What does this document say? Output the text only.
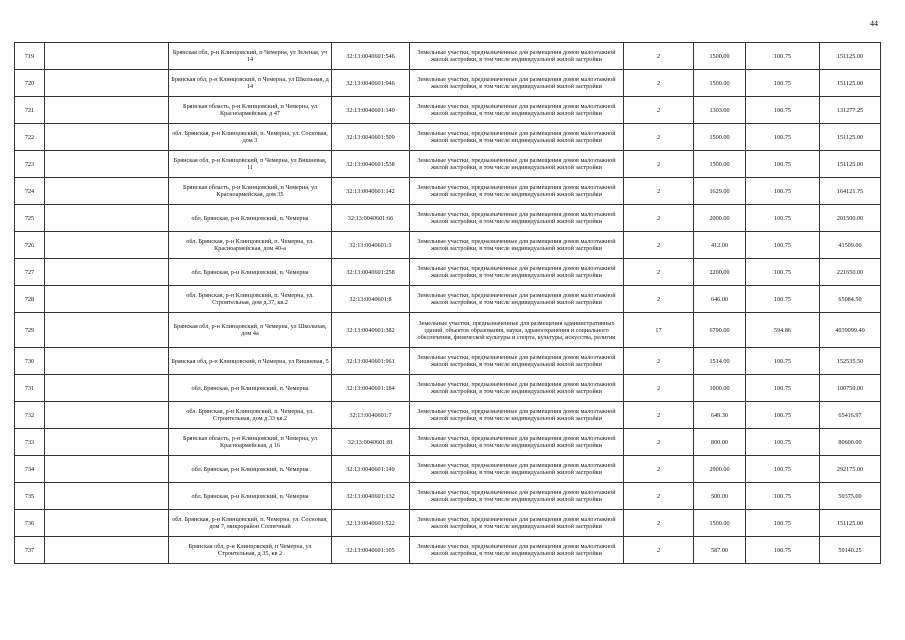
44
719		Брянская обл, р-н Клинцовский, п Чемерна, ул Зеленая, уч 14	32:13:0040601:546	Земельные участки, предназначенные для размещения домов малоэтажной жилой застройки, в том числе индивидуальной жилой застройки	2	1500.00	100.75	151125.00
720		Брянская обл, р-н Клинцовский, п Чемерна, ул Школьная, д 14	32:13:0040601:946	Земельные участки, предназначенные для размещения домов малоэтажной жилой застройки, в том числе индивидуальной жилой застройки	2	1500.00	100.75	151125.00
721		Брянская область, р-н Клинцовский, п Чемерна, ул Красноармейская, д 47	32:13:0040601:140	Земельные участки, предназначенные для размещения домов малоэтажной жилой застройки, в том числе индивидуальной жилой застройки	2	1303.00	100.75	131277.25
722		обл. Брянская, р-н Клинцовский, п. Чемерна, ул. Сосновая, дом 3	32:13:0040601:509	Земельные участки, предназначенные для размещения домов малоэтажной жилой застройки, в том числе индивидуальной жилой застройки	2	1500.00	100.75	151125.00
723		Брянская обл, р-н Клинцовский, п Чемерна, ул Вишневая, 11	32:13:0040601:538	Земельные участки, предназначенные для размещения домов малоэтажной жилой застройки, в том числе индивидуальной жилой застройки	2	1500.00	100.75	151125.00
724		Брянская область, р-н Клинцовский, п Чемерна, ул Красноармейская, дом 35	32:13:0040601:142	Земельные участки, предназначенные для размещения домов малоэтажной жилой застройки, в том числе индивидуальной жилой застройки	2	1629.00	100.75	164121.75
725		обл. Брянская, р-н Клинцовский, п. Чемерна	32:13:0040601:66	Земельные участки, предназначенные для размещения домов малоэтажной жилой застройки, в том числе индивидуальной жилой застройки	2	2000.00	100.75	201500.00
726		обл. Брянская, р-н Клинцовский, п. Чемерна, ул. Красноармейская, дом 40-а	32:13:0040601:3	Земельные участки, предназначенные для размещения домов малоэтажной жилой застройки, в том числе индивидуальной жилой застройки	2	412.00	100.75	41509.00
727		обл. Брянская, р-н Клинцовский, п. Чемерна	32:13:0040601:258	Земельные участки, предназначенные для размещения домов малоэтажной жилой застройки, в том числе индивидуальной жилой застройки	2	2200.00	100.75	221650.00
728		обл. Брянская, р-н Клинцовский, п. Чемерна, ул. Строительная, дом д.37, кв.2	32:13:0040601:8	Земельные участки, предназначенные для размещения домов малоэтажной жилой застройки, в том числе индивидуальной жилой застройки	2	646.00	100.75	65084.50
729		Брянская обл, р-н Клинцовский, п Чемерна, ул Школьная, дом 4а	32:13:0040601:382	Земельные участки, предназначенные для размещения административных зданий, объектов образования, науки, здравоохранения и социального обеспечения, физической культуры и спорта, культуры, искусства, религии	17	6790.00	594.86	4039099.40
730		Брянская обл, р-н Клинцовский, п Чемерна, ул Вишневая, 5	32:13:0040601:961	Земельные участки, предназначенные для размещения домов малоэтажной жилой застройки, в том числе индивидуальной жилой застройки	2	1514.00	100.75	152535.50
731		обл. Брянская, р-н Клинцовский, п. Чемерна	32:13:0040601:184	Земельные участки, предназначенные для размещения домов малоэтажной жилой застройки, в том числе индивидуальной жилой застройки	2	1000.00	100.75	100750.00
732		обл. Брянская, р-н Клинцовский, п. Чемерна, ул. Строительная, дом д.33 кв.2	32:13:0040601:7	Земельные участки, предназначенные для размещения домов малоэтажной жилой застройки, в том числе индивидуальной жилой застройки	2	649.30	100.75	65416.97
733		Брянская область, р-н Клинцовский, п Чемерна, ул Красноармейская, д 16	32:13:0040601:81	Земельные участки, предназначенные для размещения домов малоэтажной жилой застройки, в том числе индивидуальной жилой застройки	2	800.00	100.75	80600.00
734		обл. Брянская, р-н Клинцовский, п. Чемерна	32:13:0040601:149	Земельные участки, предназначенные для размещения домов малоэтажной жилой застройки, в том числе индивидуальной жилой застройки	2	2900.00	100.75	292175.00
735		обл. Брянская, р-н Клинцовский, п. Чемерна	32:13:0040601:132	Земельные участки, предназначенные для размещения домов малоэтажной жилой застройки, в том числе индивидуальной жилой застройки	2	500.00	100.75	50375.00
736		обл. Брянская, р-н Клинцовский, п. Чемерна, ул. Сосновая, дом 7, микрорайон Солнечный	32:13:0040601:522	Земельные участки, предназначенные для размещения домов малоэтажной жилой застройки, в том числе индивидуальной жилой застройки	2	1500.00	100.75	151125.00
737		Брянская обл, р-н Клинцовский, п Чемерна, ул Строительная, д 35, кв 2	32:13:0040601:105	Земельные участки, предназначенные для размещения домов малоэтажной жилой застройки, в том числе индивидуальной жилой застройки	2	587.00	100.75	59140.25
